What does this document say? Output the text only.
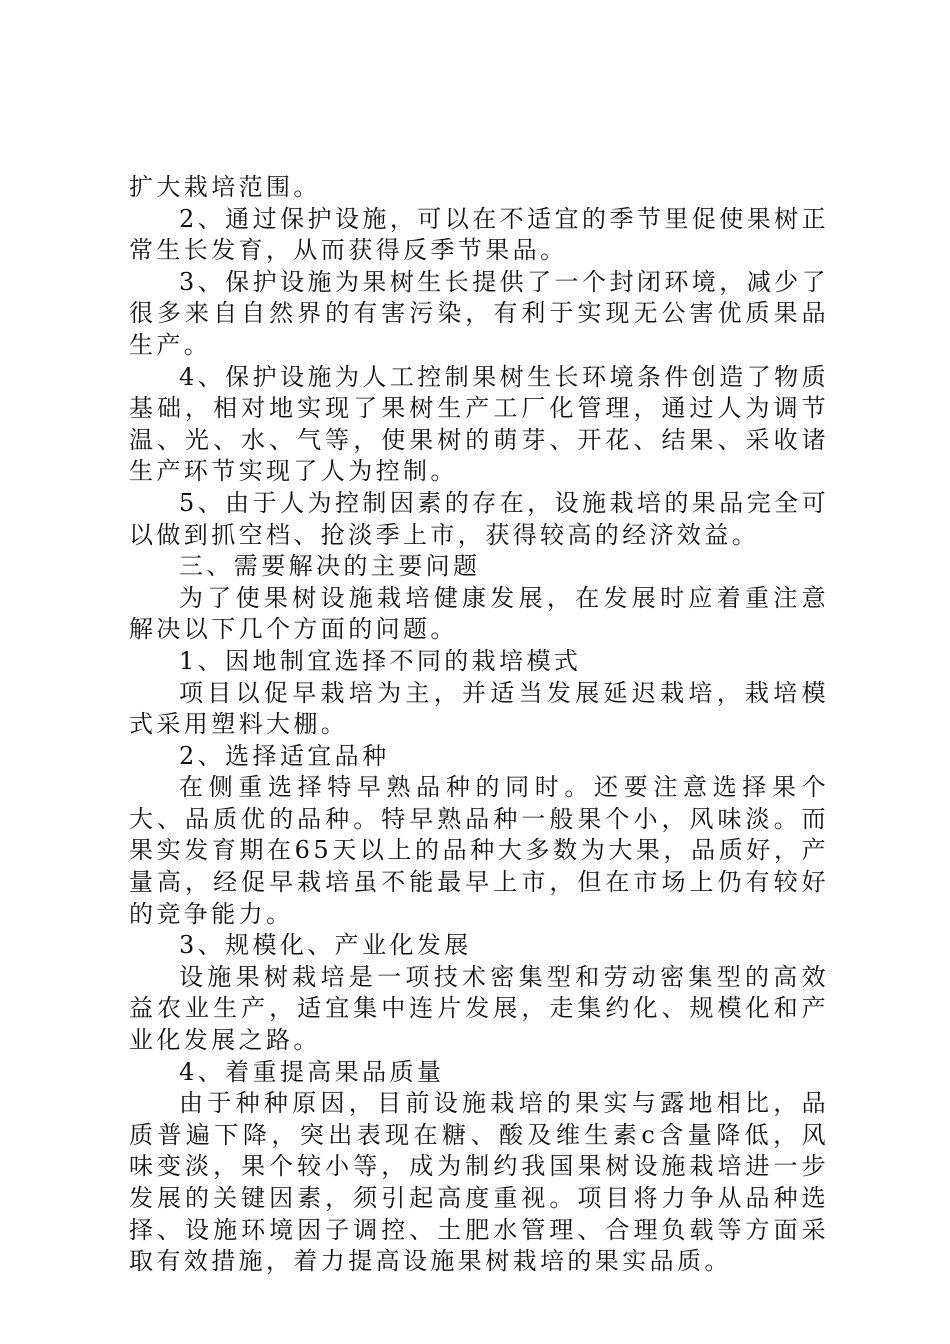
扩大栽培范围。

2、通过保护设施，可以在不适宜的季节里促使果树正常生长发育，从而获得反季节果品。

3、保护设施为果树生长提供了一个封闭环境，减少了很多来自自然界的有害污染，有利于实现无公害优质果品生产。

4、保护设施为人工控制果树生长环境条件创造了物质基础，相对地实现了果树生产工厂化管理，通过人为调节温、光、水、气等，使果树的萌芽、开花、结果、采收诸生产环节实现了人为控制。

5、由于人为控制因素的存在，设施栽培的果品完全可以做到抓空档、抢淡季上市，获得较高的经济效益。

三、需要解决的主要问题

为了使果树设施栽培健康发展，在发展时应着重注意解决以下几个方面的问题。

1、因地制宜选择不同的栽培模式

项目以促早栽培为主，并适当发展延迟栽培，栽培模式采用塑料大棚。

2、选择适宜品种

在侧重选择特早熟品种的同时。还要注意选择果个大、品质优的品种。特早熟品种一般果个小，风味淡。而果实发育期在65天以上的品种大多数为大果，品质好，产量高，经促早栽培虽不能最早上市，但在市场上仍有较好的竞争能力。

3、规模化、产业化发展

设施果树栽培是一项技术密集型和劳动密集型的高效益农业生产，适宜集中连片发展，走集约化、规模化和产业化发展之路。

4、着重提高果品质量

由于种种原因，目前设施栽培的果实与露地相比，品质普遍下降，突出表现在糖、酸及维生素c含量降低，风味变淡，果个较小等，成为制约我国果树设施栽培进一步发展的关键因素，须引起高度重视。项目将力争从品种选择、设施环境因子调控、土肥水管理、合理负载等方面采取有效措施，着力提高设施果树栽培的果实品质。
